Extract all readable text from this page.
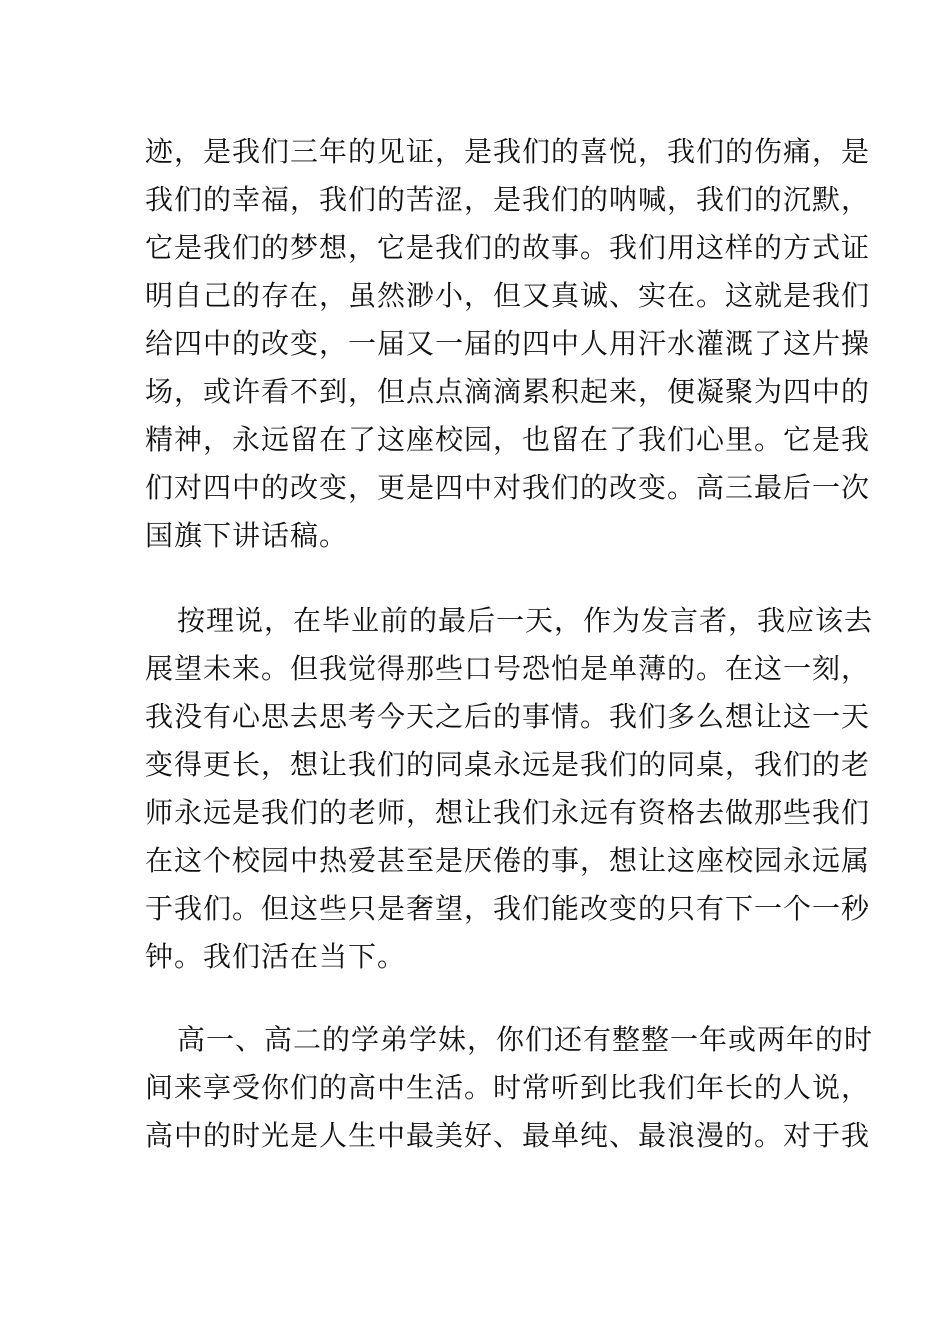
迹，是我们三年的见证，是我们的喜悦，我们的伤痛，是
我们的幸福，我们的苦涩，是我们的呐喊，我们的沉默，
它是我们的梦想，它是我们的故事。我们用这样的方式证
明自己的存在，虽然渺小，但又真诚、实在。这就是我们
给四中的改变，一届又一届的四中人用汗水灌溉了这片操
场，或许看不到，但点点滴滴累积起来，便凝聚为四中的
精神，永远留在了这座校园，也留在了我们心里。它是我
们对四中的改变，更是四中对我们的改变。高三最后一次
国旗下讲话稿。
按理说，在毕业前的最后一天，作为发言者，我应该去
展望未来。但我觉得那些口号恐怕是单薄的。在这一刻，
我没有心思去思考今天之后的事情。我们多么想让这一天
变得更长，想让我们的同桌永远是我们的同桌，我们的老
师永远是我们的老师，想让我们永远有资格去做那些我们
在这个校园中热爱甚至是厌倦的事，想让这座校园永远属
于我们。但这些只是奢望，我们能改变的只有下一个一秒
钟。我们活在当下。
高一、高二的学弟学妹，你们还有整整一年或两年的时
间来享受你们的高中生活。时常听到比我们年长的人说，
高中的时光是人生中最美好、最单纯、最浪漫的。对于我
